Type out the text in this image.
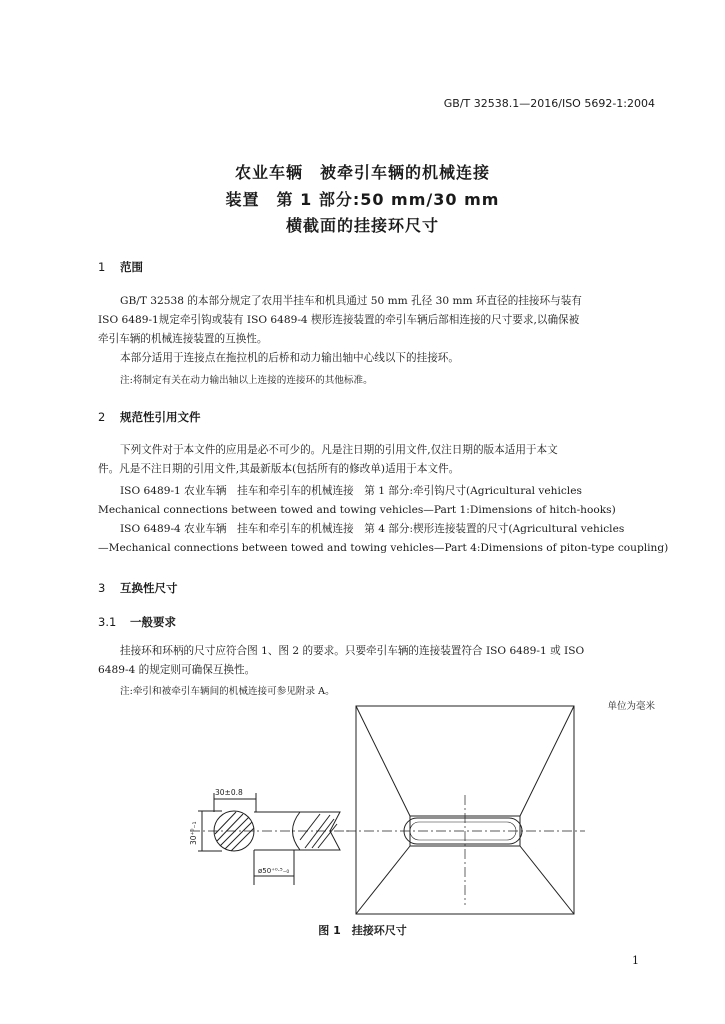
GB/T 32538.1—2016/ISO 5692-1:2004
农业车辆　被牵引车辆的机械连接
装置　第 1 部分:50 mm/30 mm
横截面的挂接环尺寸
1 范围
GB/T 32538 的本部分规定了农用半挂车和机具通过 50 mm 孔径 30 mm 环直径的挂接环与装有
ISO 6489-1规定牵引钩或装有 ISO 6489-4 楔形连接装置的牵引车辆后部相连接的尺寸要求,以确保被
牵引车辆的机械连接装置的互换性。
本部分适用于连接点在拖拉机的后桥和动力输出轴中心线以下的挂接环。
注:将制定有关在动力输出轴以上连接的连接环的其他标准。
2 规范性引用文件
下列文件对于本文件的应用是必不可少的。凡是注日期的引用文件,仅注日期的版本适用于本文
件。凡是不注日期的引用文件,其最新版本(包括所有的修改单)适用于本文件。
ISO 6489-1 农业车辆　挂车和牵引车的机械连接　第 1 部分:牵引钩尺寸(Agricultural vehicles
Mechanical connections between towed and towing vehicles—Part 1:Dimensions of hitch-hooks)
ISO 6489-4 农业车辆　挂车和牵引车的机械连接　第 4 部分:楔形连接装置的尺寸(Agricultural vehicles
—Mechanical connections between towed and towing vehicles—Part 4:Dimensions of piton-type coupling)
3 互换性尺寸
3.1 一般要求
挂接环和环柄的尺寸应符合图 1、图 2 的要求。只要牵引车辆的连接装置符合 ISO 6489-1 或 ISO
6489-4 的规定则可确保互换性。
注:牵引和被牵引车辆间的机械连接可参见附录 A。
单位为毫米
30±0.8
30⁺⁰₋₁
ø50⁺⁰·⁵₋₀
图 1　挂接环尺寸
1
